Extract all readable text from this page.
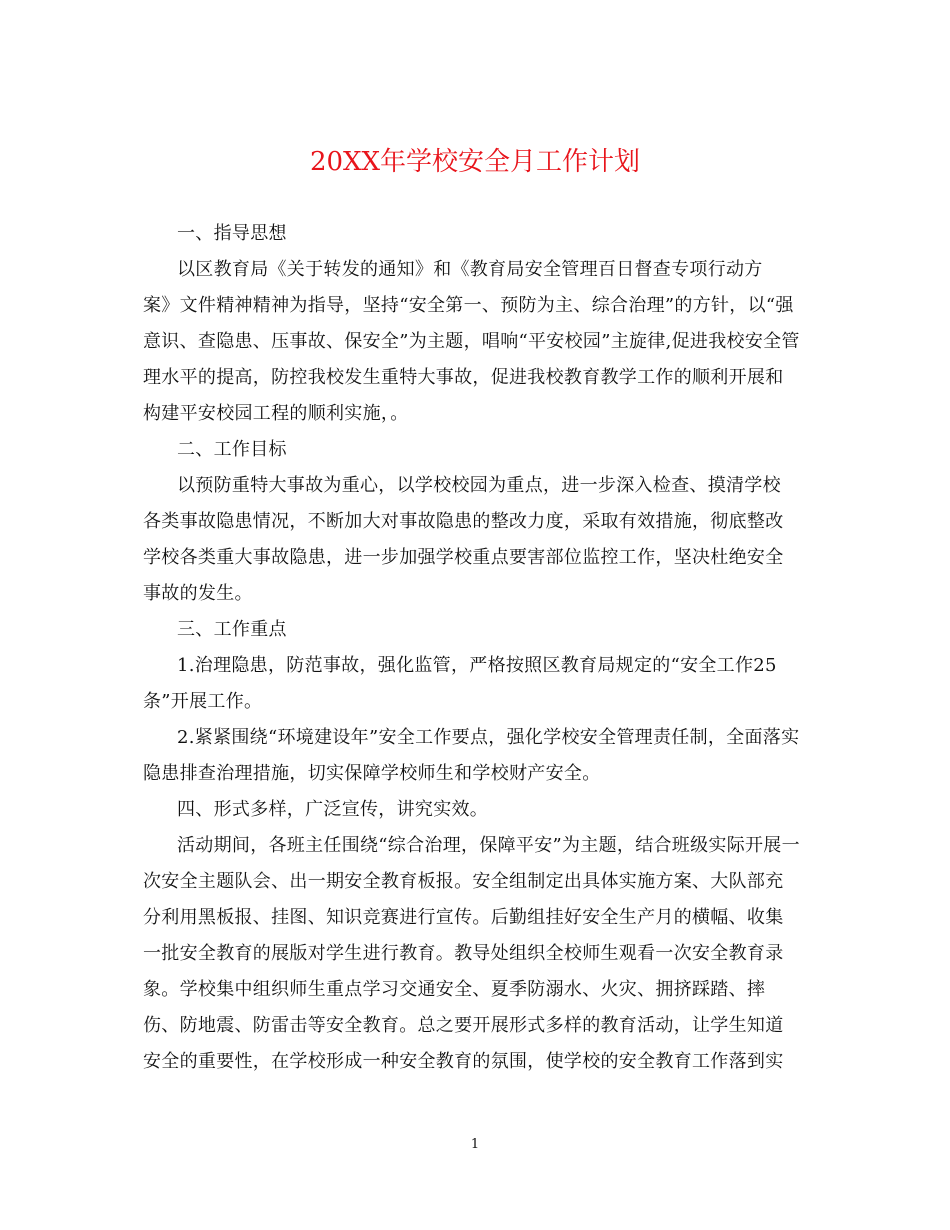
20XX年学校安全月工作计划
一、指导思想
以区教育局《关于转发的通知》和《教育局安全管理百日督查专项行动方
案》文件精神精神为指导，坚持“安全第一、预防为主、综合治理”的方针，以“强
意识、查隐患、压事故、保安全”为主题，唱响“平安校园”主旋律,促进我校安全管
理水平的提高，防控我校发生重特大事故，促进我校教育教学工作的顺利开展和
构建平安校园工程的顺利实施，。
二、工作目标
以预防重特大事故为重心，以学校校园为重点，进一步深入检查、摸清学校
各类事故隐患情况，不断加大对事故隐患的整改力度，采取有效措施，彻底整改
学校各类重大事故隐患，进一步加强学校重点要害部位监控工作，坚决杜绝安全
事故的发生。
三、工作重点
1.治理隐患，防范事故，强化监管，严格按照区教育局规定的“安全工作25
条”开展工作。
2.紧紧围绕“环境建设年”安全工作要点，强化学校安全管理责任制，全面落实
隐患排查治理措施，切实保障学校师生和学校财产安全。
四、形式多样，广泛宣传，讲究实效。
活动期间，各班主任围绕“综合治理，保障平安”为主题，结合班级实际开展一
次安全主题队会、出一期安全教育板报。安全组制定出具体实施方案、大队部充
分利用黑板报、挂图、知识竞赛进行宣传。后勤组挂好安全生产月的横幅、收集
一批安全教育的展版对学生进行教育。教导处组织全校师生观看一次安全教育录
象。学校集中组织师生重点学习交通安全、夏季防溺水、火灾、拥挤踩踏、摔
伤、防地震、防雷击等安全教育。总之要开展形式多样的教育活动，让学生知道
安全的重要性，在学校形成一种安全教育的氛围，使学校的安全教育工作落到实
1
